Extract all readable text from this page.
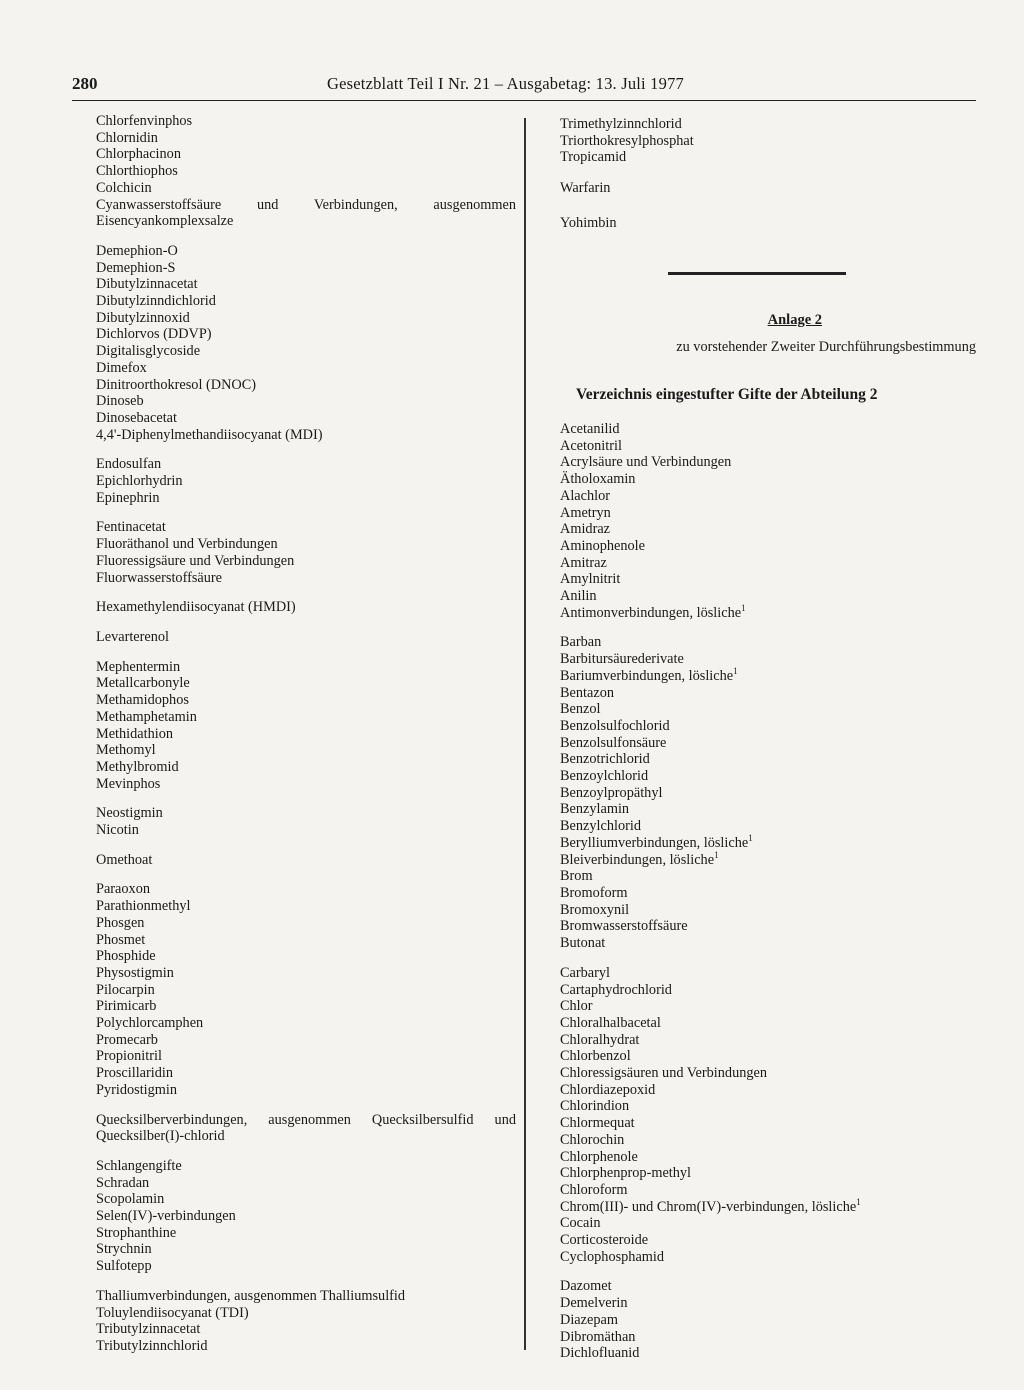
280	Gesetzblatt Teil I Nr. 21 – Ausgabetag: 13. Juli 1977
Chlorfenvinphos
Chlornidin
Chlorphacinon
Chlorthiophos
Colchicin
Cyanwasserstoffsäure und Verbindungen, ausgenommen Eisencyankomplexsalze
Demephion-O
Demephion-S
Dibutylzinnacetat
Dibutylzinndichlorid
Dibutylzinnoxid
Dichlorvos (DDVP)
Digitalisglycoside
Dimefox
Dinitroorthokresol (DNOC)
Dinoseb
Dinosebacetat
4,4'-Diphenylmethandiisocyanat (MDI)
Endosulfan
Epichlorhydrin
Epinephrin
Fentinacetat
Fluoräthanol und Verbindungen
Fluoressigsäure und Verbindungen
Fluorwasserstoffsäure
Hexamethylendiisocyanat (HMDI)
Levarterenol
Mephentermin
Metallcarbonyle
Methamidophos
Methamphetamin
Methidathion
Methomyl
Methylbromid
Mevinphos
Neostigmin
Nicotin
Omethoat
Paraoxon
Parathionmethyl
Phosgen
Phosmet
Phosphide
Physostigmin
Pilocarpin
Pirimicarb
Polychlorcamphen
Promecarb
Propionitril
Proscillaridin
Pyridostigmin
Quecksilberverbindungen, ausgenommen Quecksilbersulfid und Quecksilber(I)-chlorid
Schlangengifte
Schradan
Scopolamin
Selen(IV)-verbindungen
Strophanthine
Strychnin
Sulfotepp
Thalliumverbindungen, ausgenommen Thalliumsulfid
Toluylendiisocyanat (TDI)
Tributylzinnacetat
Tributylzinnchlorid
Trimethylzinnchlorid
Triorthokresylphosphat
Tropicamid
Warfarin
Yohimbin
Anlage 2
zu vorstehender Zweiter Durchführungsbestimmung
Verzeichnis eingestufter Gifte der Abteilung 2
Acetanilid
Acetonitril
Acrylsäure und Verbindungen
Ätholoxamin
Alachlor
Ametryn
Amidraz
Aminophenole
Amitraz
Amylnitrit
Anilin
Antimonverbindungen, lösliche$^1$
Barban
Barbitursäurederivate
Bariumverbindungen, lösliche$^1$
Bentazon
Benzol
Benzolsulfochlorid
Benzolsulfonsäure
Benzotrichlorid
Benzoylchlorid
Benzoylpropäthyl
Benzylamin
Benzylchlorid
Berylliumverbindungen, lösliche$^1$
Bleiverbindungen, lösliche$^1$
Brom
Bromoform
Bromoxynil
Bromwasserstoffsäure
Butonat
Carbaryl
Cartaphydrochlorid
Chlor
Chloralhalbacetal
Chloralhydrat
Chlorbenzol
Chloressigsäuren und Verbindungen
Chlordiazepoxid
Chlorindion
Chlormequat
Chlorochin
Chlorphenole
Chlorphenprop-methyl
Chloroform
Chrom(III)- und Chrom(IV)-verbindungen, lösliche$^1$
Cocain
Corticosteroide
Cyclophosphamid
Dazomet
Demelverin
Diazepam
Dibromäthan
Dichlofluanid
